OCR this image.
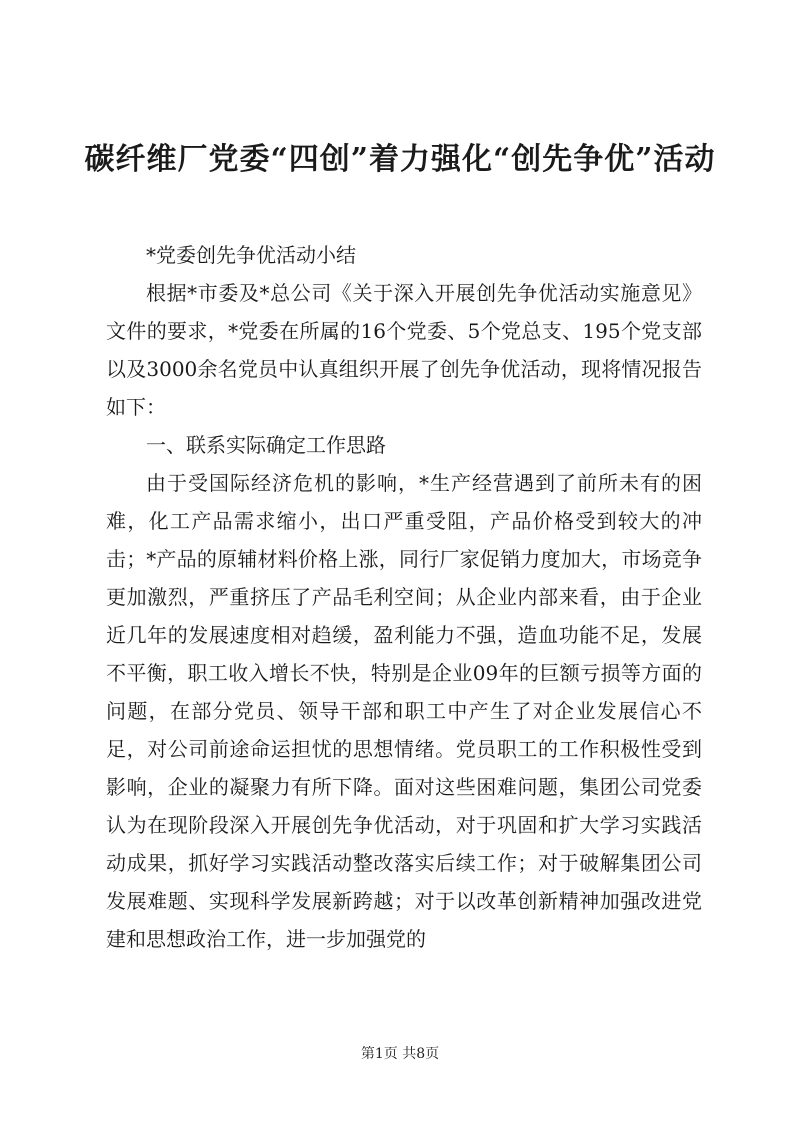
碳纤维厂党委“四创”着力强化“创先争优”活动

*党委创先争优活动小结

根据*市委及*总公司《关于深入开展创先争优活动实施意见》文件的要求，*党委在所属的16个党委、5个党总支、195个党支部以及3000余名党员中认真组织开展了创先争优活动，现将情况报告如下：

一、联系实际确定工作思路

由于受国际经济危机的影响，*生产经营遇到了前所未有的困难，化工产品需求缩小，出口严重受阻，产品价格受到较大的冲击；*产品的原辅材料价格上涨，同行厂家促销力度加大，市场竞争更加激烈，严重挤压了产品毛利空间；从企业内部来看，由于企业近几年的发展速度相对趋缓，盈利能力不强，造血功能不足，发展不平衡，职工收入增长不快，特别是企业09年的巨额亏损等方面的问题，在部分党员、领导干部和职工中产生了对企业发展信心不足，对公司前途命运担忧的思想情绪。党员职工的工作积极性受到影响，企业的凝聚力有所下降。面对这些困难问题，集团公司党委认为在现阶段深入开展创先争优活动，对于巩固和扩大学习实践活动成果，抓好学习实践活动整改落实后续工作；对于破解集团公司发展难题、实现科学发展新跨越；对于以改革创新精神加强改进党建和思想政治工作，进一步加强党的

第1页 共8页
